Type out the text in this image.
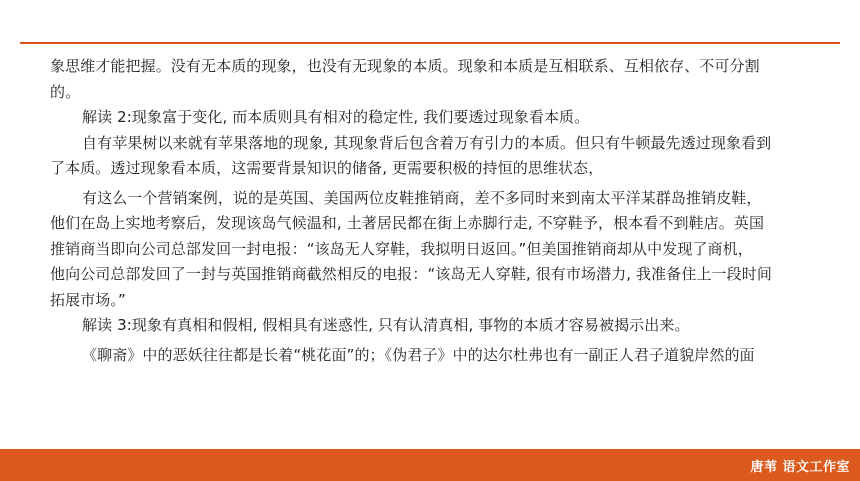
象思维才能把握。没有无本质的现象，也没有无现象的本质。现象和本质是互相联系、互相依存、不可分割
的。
解读 2:现象富于变化, 而本质则具有相对的稳定性, 我们要透过现象看本质。
自有苹果树以来就有苹果落地的现象, 其现象背后包含着万有引力的本质。但只有牛顿最先透过现象看到
了本质。透过现象看本质，这需要背景知识的储备, 更需要积极的持恒的思维状态，
有这么一个营销案例，说的是英国、美国两位皮鞋推销商，差不多同时来到南太平洋某群岛推销皮鞋，
他们在岛上实地考察后，发现该岛气候温和, 土著居民都在街上赤脚行走, 不穿鞋予，根本看不到鞋店。英国
推销商当即向公司总部发回一封电报：“该岛无人穿鞋，我拟明日返回。”但美国推销商却从中发现了商机，
他向公司总部发回了一封与英国推销商截然相反的电报：“该岛无人穿鞋, 很有市场潜力, 我准备住上一段时间
拓展市场。”
解读 3:现象有真相和假相, 假相具有迷惑性, 只有认清真相, 事物的本质才容易被揭示出来。
《聊斋》中的恶妖往往都是长着“桃花面”的；《伪君子》中的达尔杜弗也有一副正人君子道貌岸然的面
唐苇 语文工作室
